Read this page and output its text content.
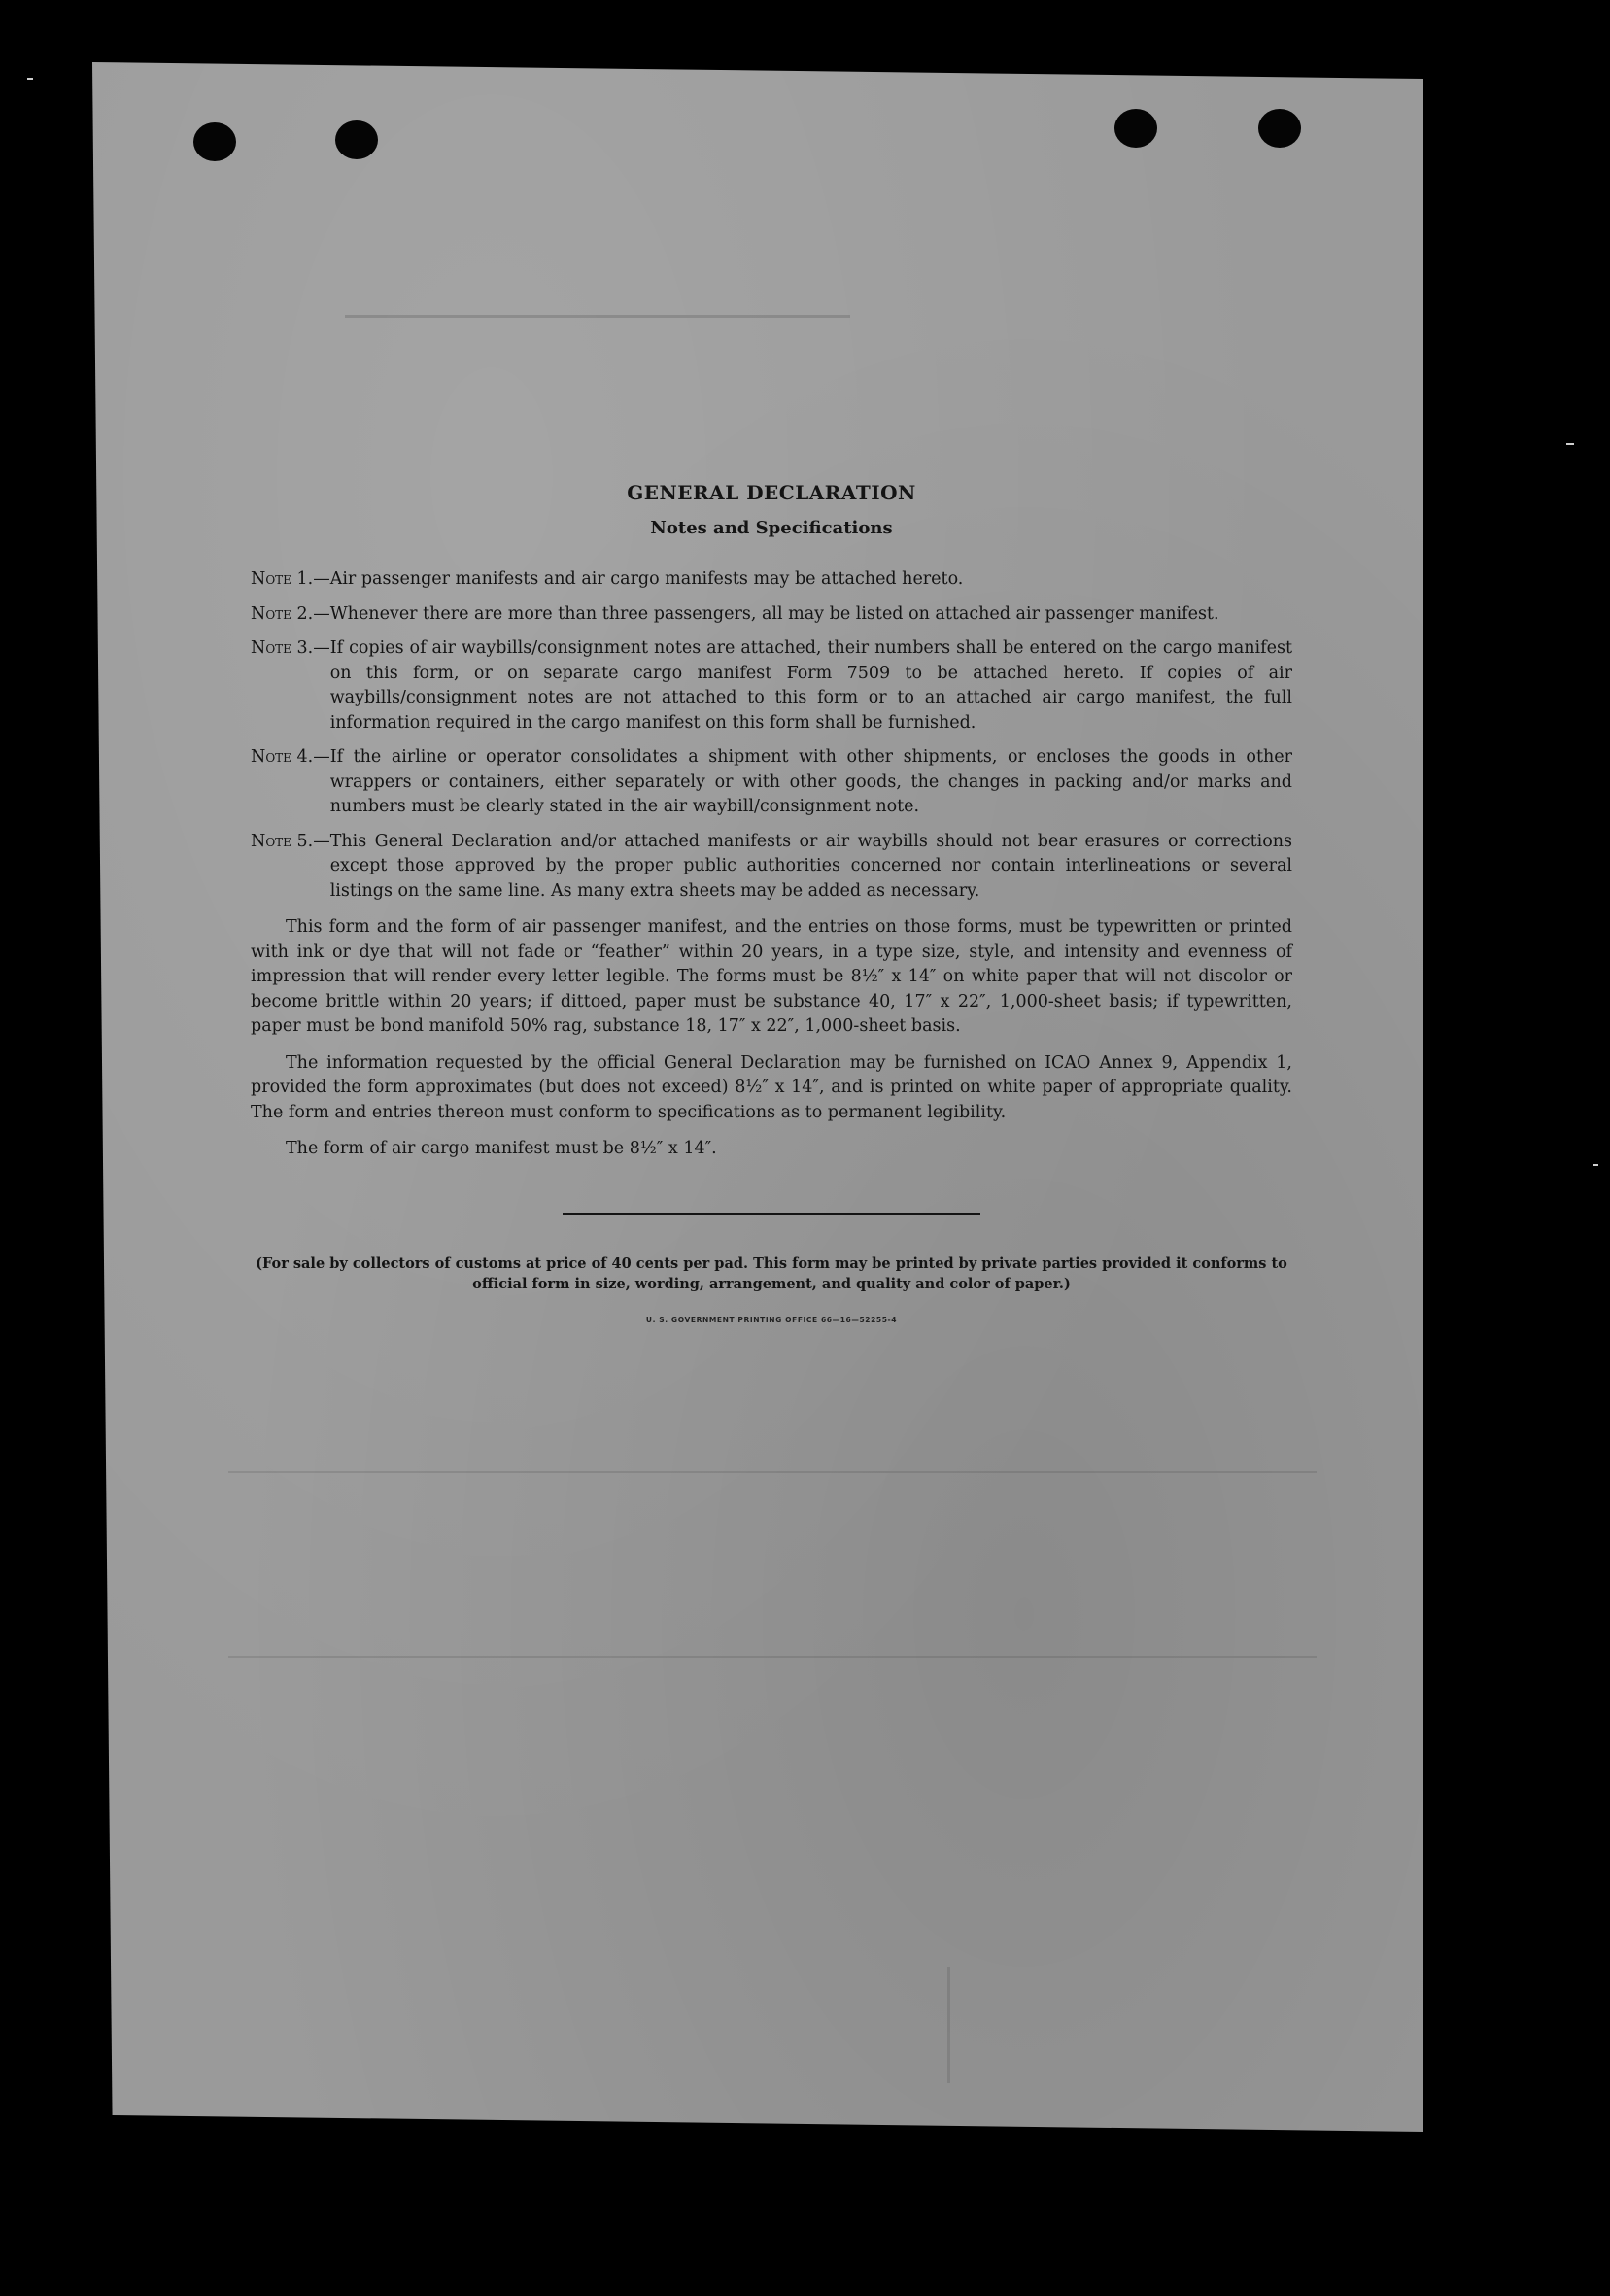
GENERAL DECLARATION
Notes and Specifications
Note 1.— Air passenger manifests and air cargo manifests may be attached hereto.
Note 2.— Whenever there are more than three passengers, all may be listed on attached air passenger manifest.
Note 3.— If copies of air waybills/consignment notes are attached, their numbers shall be entered on the cargo manifest on this form, or on separate cargo manifest Form 7509 to be attached hereto. If copies of air waybills/consignment notes are not attached to this form or to an attached air cargo manifest, the full information required in the cargo manifest on this form shall be furnished.
Note 4.— If the airline or operator consolidates a shipment with other shipments, or encloses the goods in other wrappers or containers, either separately or with other goods, the changes in packing and/or marks and numbers must be clearly stated in the air waybill/consignment note.
Note 5.— This General Declaration and/or attached manifests or air waybills should not bear erasures or corrections except those approved by the proper public authorities concerned nor contain interlineations or several listings on the same line. As many extra sheets may be added as necessary.

This form and the form of air passenger manifest, and the entries on those forms, must be typewritten or printed with ink or dye that will not fade or “feather” within 20 years, in a type size, style, and intensity and evenness of impression that will render every letter legible. The forms must be 8½″ x 14″ on white paper that will not discolor or become brittle within 20 years; if dittoed, paper must be substance 40, 17″ x 22″, 1,000-sheet basis; if typewritten, paper must be bond manifold 50% rag, substance 18, 17″ x 22″, 1,000-sheet basis.

The information requested by the official General Declaration may be furnished on ICAO Annex 9, Appendix 1, provided the form approximates (but does not exceed) 8½″ x 14″, and is printed on white paper of appropriate quality. The form and entries thereon must conform to specifications as to permanent legibility.

The form of air cargo manifest must be 8½″ x 14″.

(For sale by collectors of customs at price of 40 cents per pad. This form may be printed by private parties provided it conforms to official form in size, wording, arrangement, and quality and color of paper.)

U. S. GOVERNMENT PRINTING OFFICE 66—16—52255-4
